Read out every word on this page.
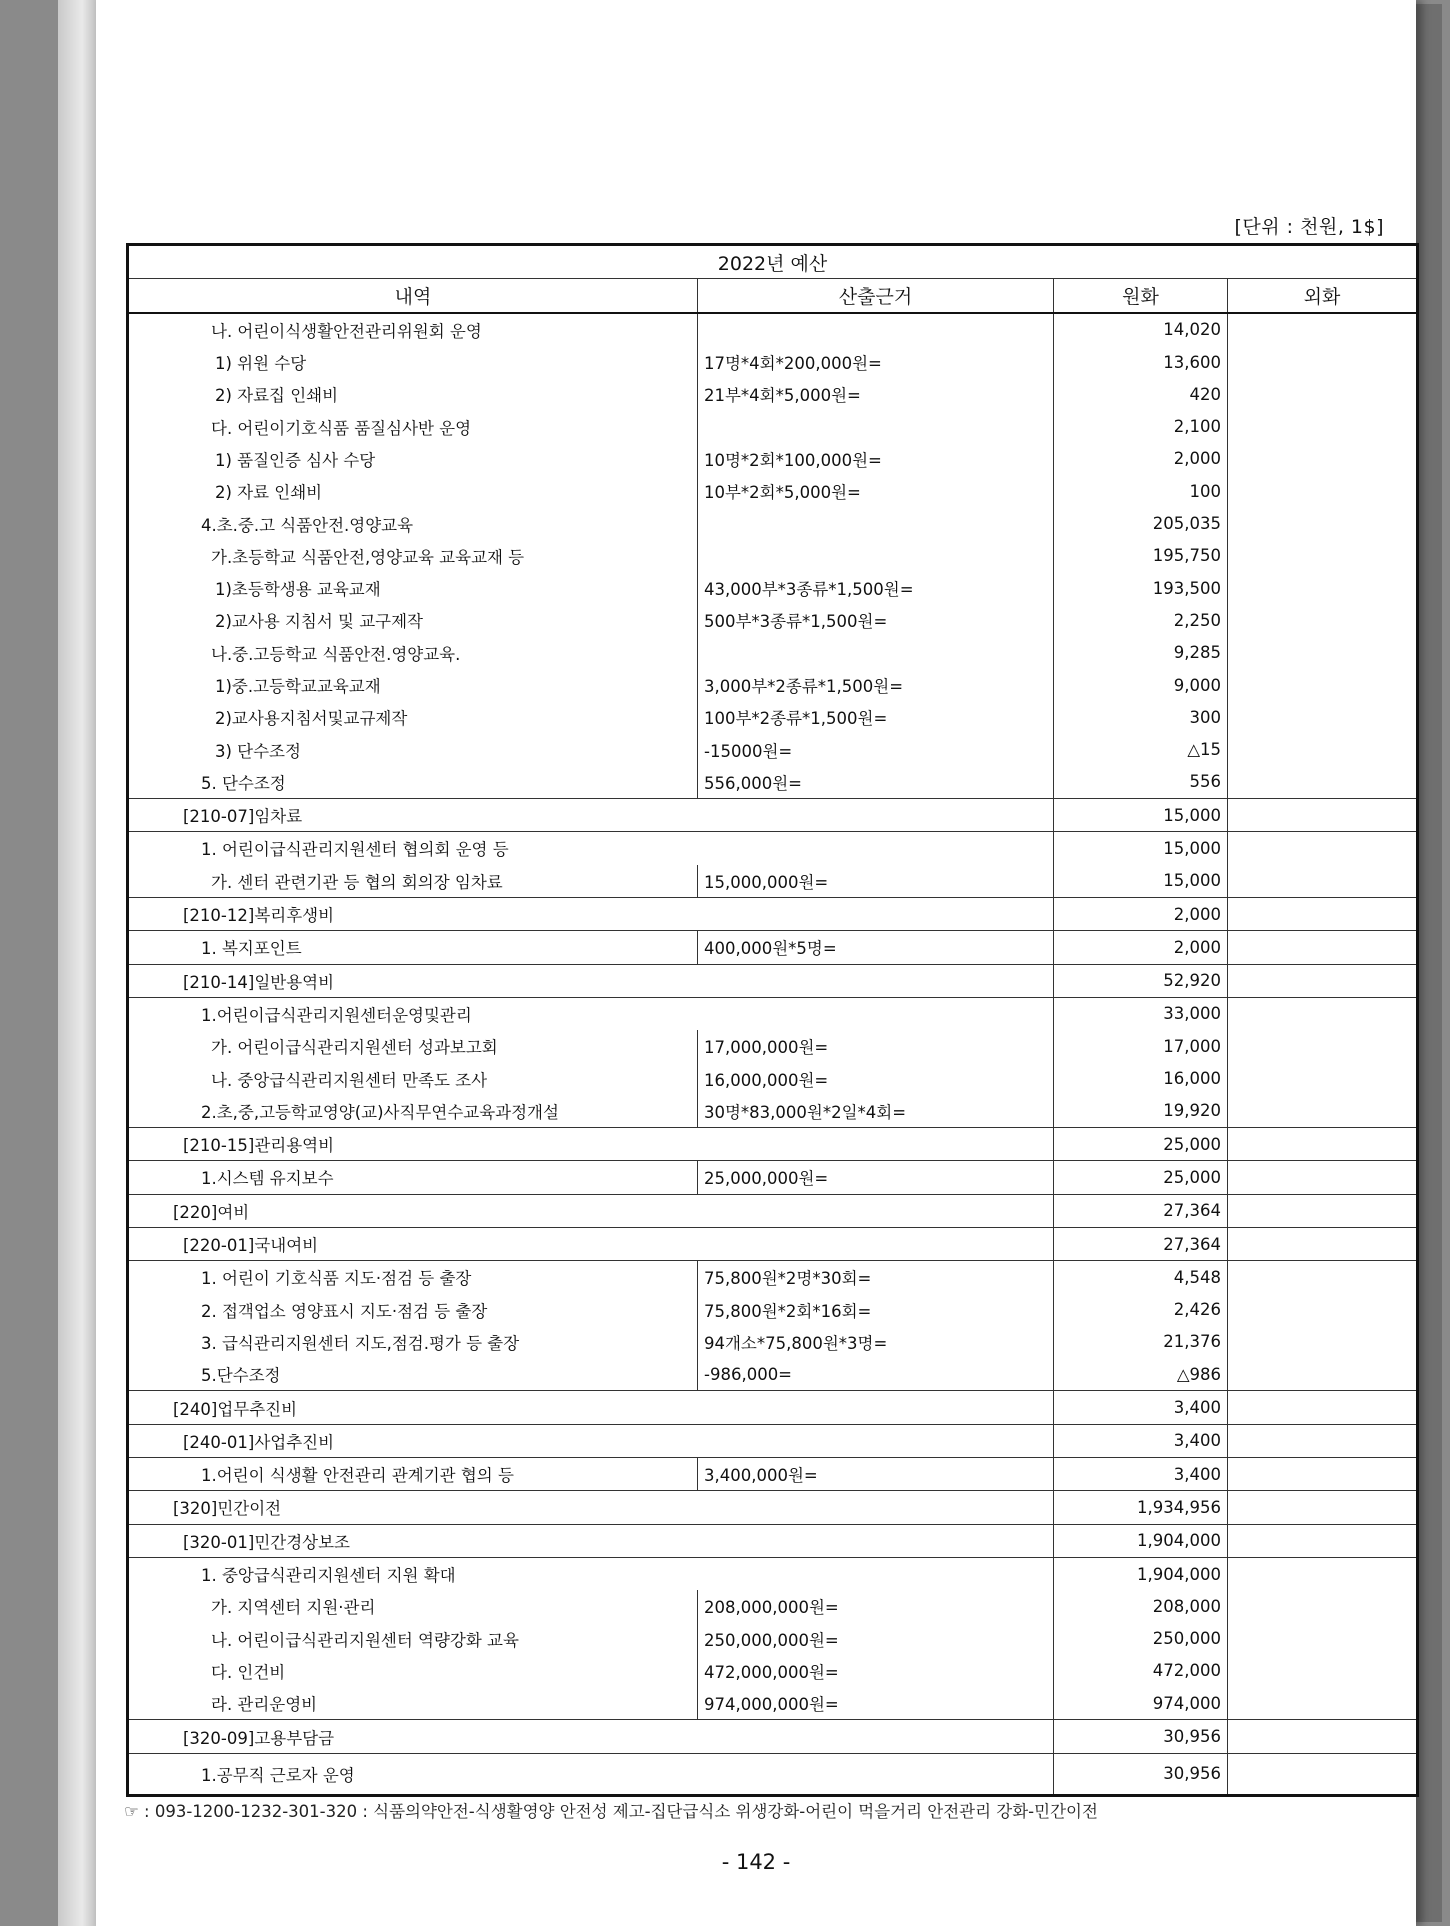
[단위 : 천원, 1$]
2022년 예산			
내역	산출근거	원화	외화
나. 어린이식생활안전관리위원회 운영		14,020	
1) 위원 수당	17명*4회*200,000원=	13,600	
2) 자료집 인쇄비	21부*4회*5,000원=	420	
다. 어린이기호식품 품질심사반 운영		2,100	
1) 품질인증 심사 수당	10명*2회*100,000원=	2,000	
2) 자료 인쇄비	10부*2회*5,000원=	100	
4.초.중.고 식품안전.영양교육		205,035	
가.초등학교 식품안전,영양교육 교육교재 등		195,750	
1)초등학생용 교육교재	43,000부*3종류*1,500원=	193,500	
2)교사용 지침서 및 교구제작	500부*3종류*1,500원=	2,250	
나.중.고등학교 식품안전.영양교육.		9,285	
1)중.고등학교교육교재	3,000부*2종류*1,500원=	9,000	
2)교사용지침서및교규제작	100부*2종류*1,500원=	300	
3) 단수조정	-15000원=	△15	
5. 단수조정	556,000원=	556	
[210-07]임차료		15,000	
1. 어린이급식관리지원센터 협의회 운영 등		15,000	
가. 센터 관련기관 등 협의 회의장 임차료	15,000,000원=	15,000	
[210-12]복리후생비		2,000	
1. 복지포인트	400,000원*5명=	2,000	
[210-14]일반용역비		52,920	
1.어린이급식관리지원센터운영및관리		33,000	
가. 어린이급식관리지원센터 성과보고회	17,000,000원=	17,000	
나. 중앙급식관리지원센터 만족도 조사	16,000,000원=	16,000	
2.초,중,고등학교영양(교)사직무연수교육과정개설	30명*83,000원*2일*4회=	19,920	
[210-15]관리용역비		25,000	
1.시스템 유지보수	25,000,000원=	25,000	
[220]여비		27,364	
[220-01]국내여비		27,364	
1. 어린이 기호식품 지도·점검 등 출장	75,800원*2명*30회=	4,548	
2. 접객업소 영양표시 지도·점검 등 출장	75,800원*2회*16회=	2,426	
3. 급식관리지원센터 지도,점검.평가 등 출장	94개소*75,800원*3명=	21,376	
5.단수조정	-986,000=	△986	
[240]업무추진비		3,400	
[240-01]사업추진비		3,400	
1.어린이 식생활 안전관리 관계기관 협의 등	3,400,000원=	3,400	
[320]민간이전		1,934,956	
[320-01]민간경상보조		1,904,000	
1. 중앙급식관리지원센터 지원 확대		1,904,000	
가. 지역센터 지원·관리	208,000,000원=	208,000	
나. 어린이급식관리지원센터 역량강화 교육	250,000,000원=	250,000	
다. 인건비	472,000,000원=	472,000	
라. 관리운영비	974,000,000원=	974,000	
[320-09]고용부담금		30,956	
1.공무직 근로자 운영		30,956	
☞ : 093-1200-1232-301-320 : 식품의약안전-식생활영양 안전성 제고-집단급식소 위생강화-어린이 먹을거리 안전관리 강화-민간이전
- 142 -
